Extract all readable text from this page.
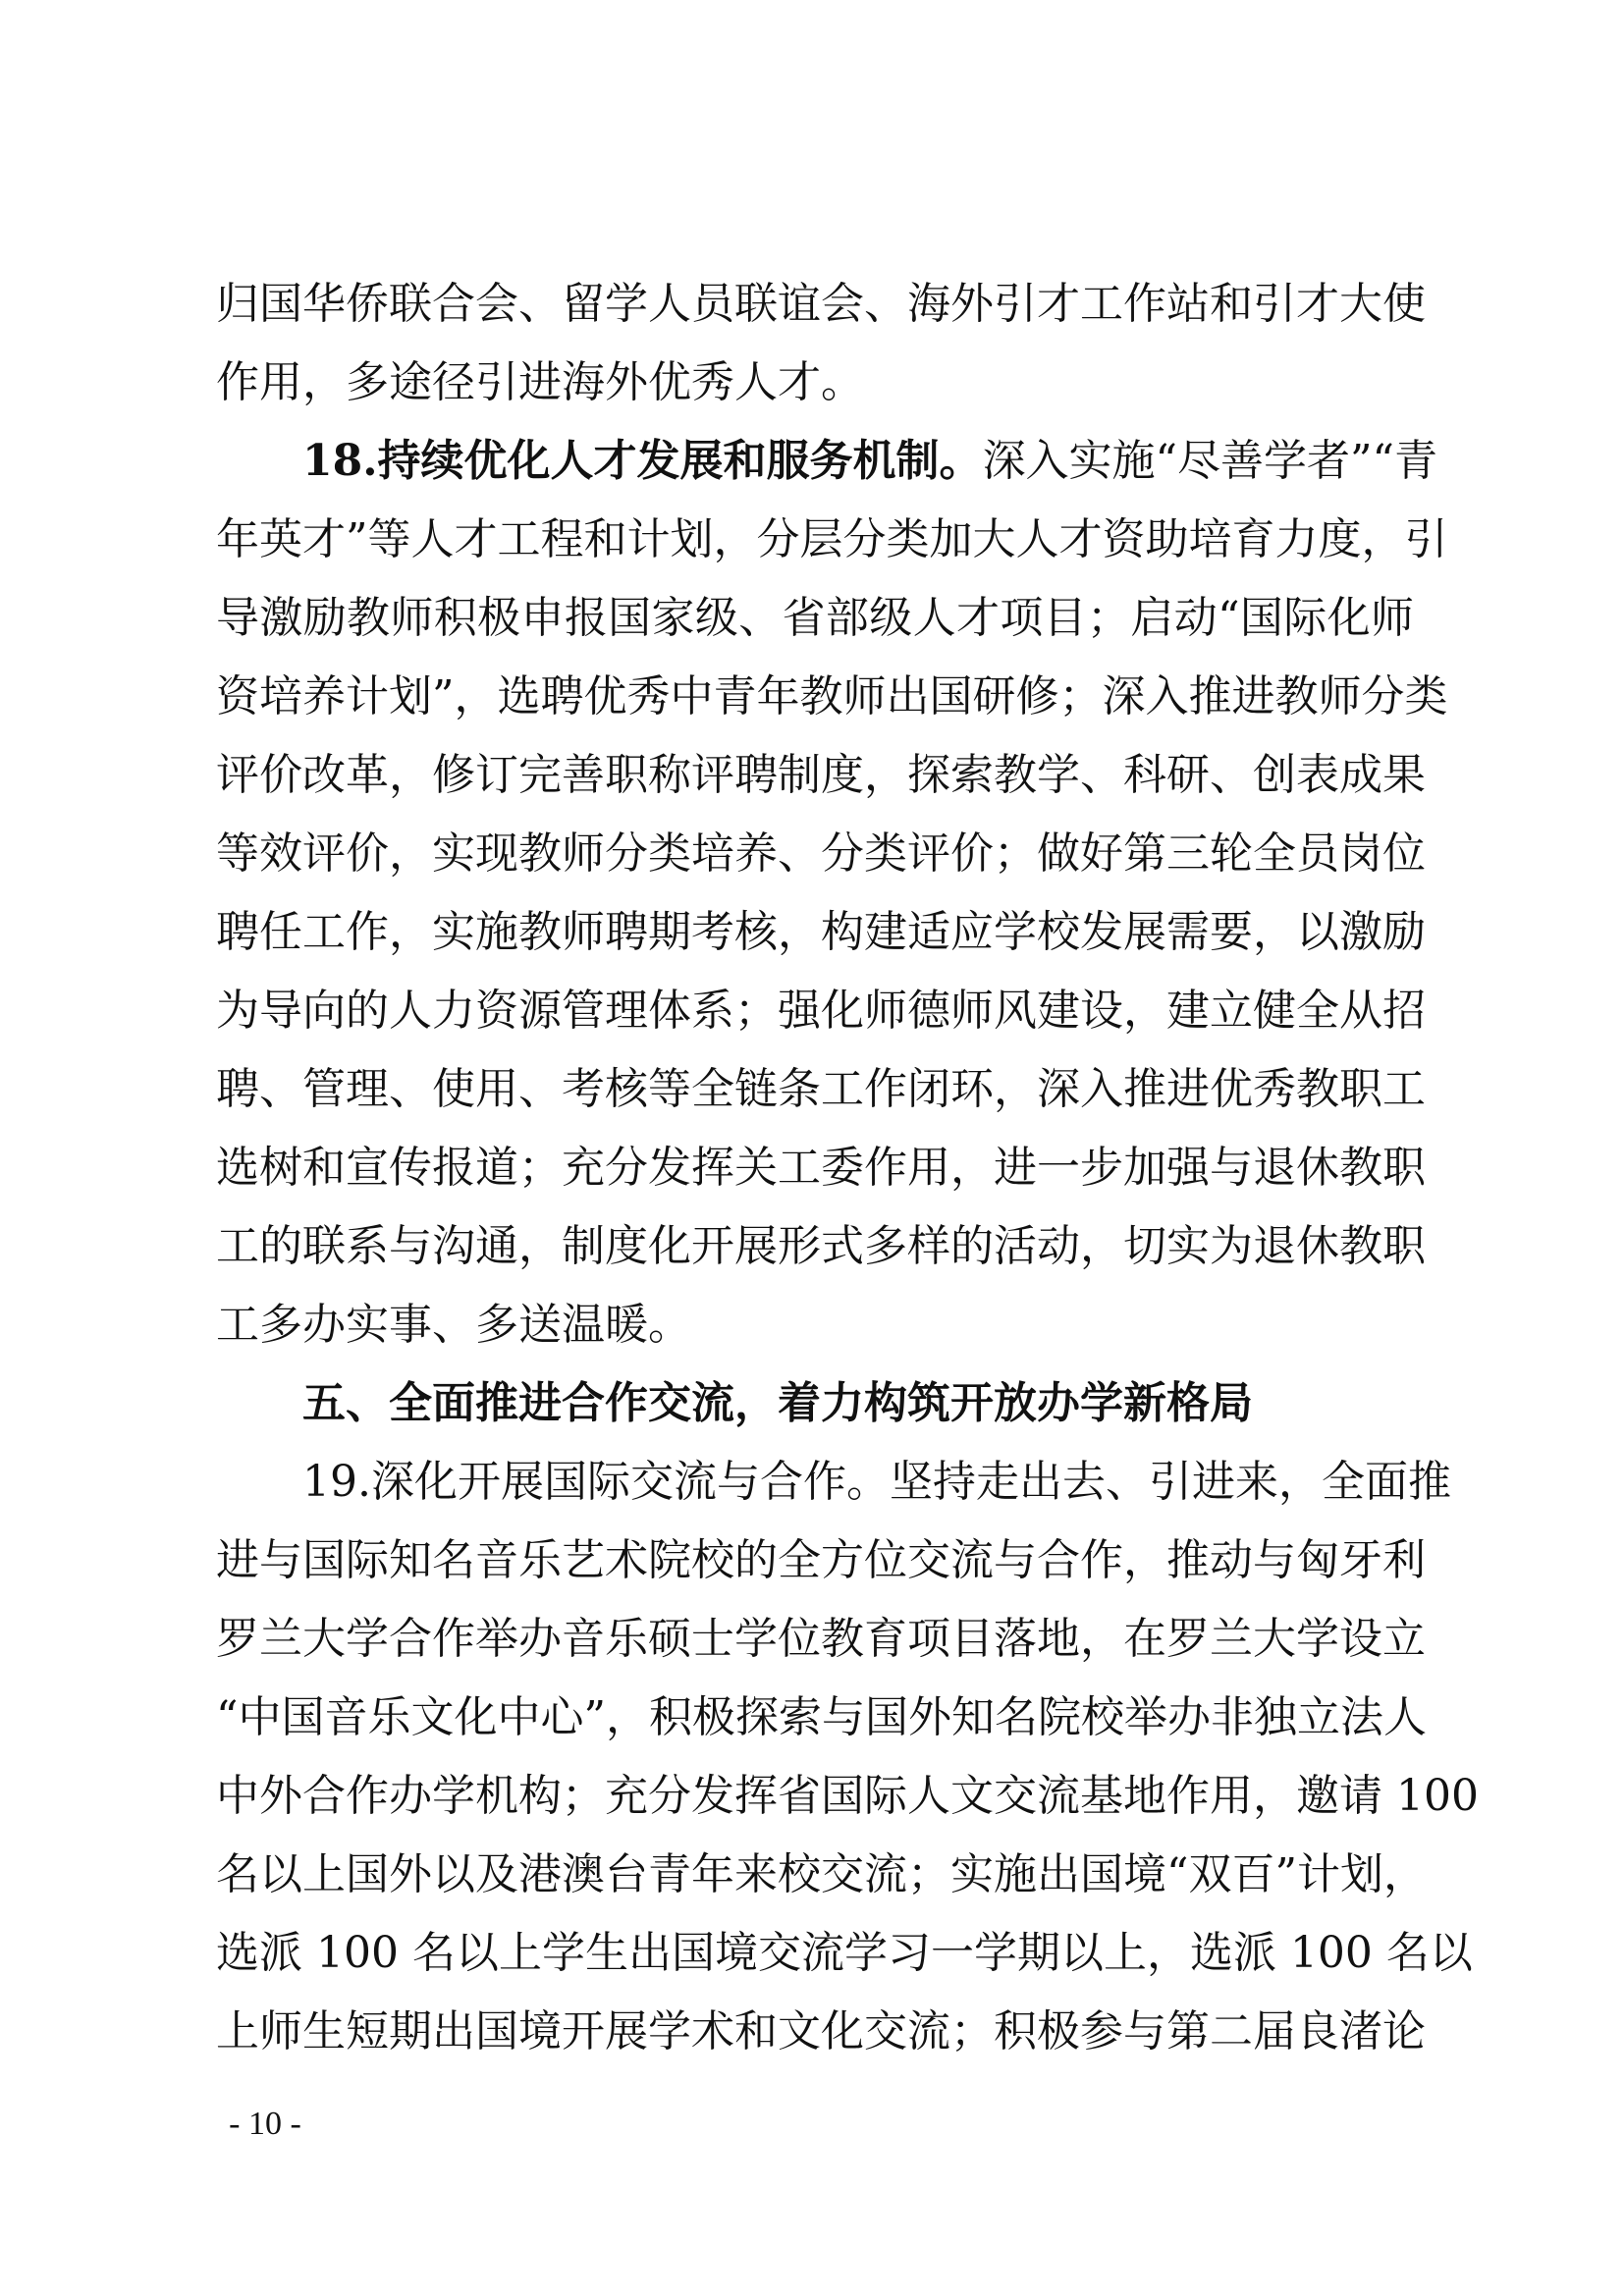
归国华侨联合会、留学人员联谊会、海外引才工作站和引才大使
作用，多途径引进海外优秀人才。
18.持续优化人才发展和服务机制。深入实施“尽善学者”“青
年英才”等人才工程和计划，分层分类加大人才资助培育力度，引
导激励教师积极申报国家级、省部级人才项目；启动“国际化师
资培养计划”，选聘优秀中青年教师出国研修；深入推进教师分类
评价改革，修订完善职称评聘制度，探索教学、科研、创表成果
等效评价，实现教师分类培养、分类评价；做好第三轮全员岗位
聘任工作，实施教师聘期考核，构建适应学校发展需要，以激励
为导向的人力资源管理体系；强化师德师风建设，建立健全从招
聘、管理、使用、考核等全链条工作闭环，深入推进优秀教职工
选树和宣传报道；充分发挥关工委作用，进一步加强与退休教职
工的联系与沟通，制度化开展形式多样的活动，切实为退休教职
工多办实事、多送温暖。
五、全面推进合作交流，着力构筑开放办学新格局
19.深化开展国际交流与合作。坚持走出去、引进来，全面推
进与国际知名音乐艺术院校的全方位交流与合作，推动与匈牙利
罗兰大学合作举办音乐硕士学位教育项目落地，在罗兰大学设立
“中国音乐文化中心”，积极探索与国外知名院校举办非独立法人
中外合作办学机构；充分发挥省国际人文交流基地作用，邀请 100
名以上国外以及港澳台青年来校交流；实施出国境“双百”计划，
选派 100 名以上学生出国境交流学习一学期以上，选派 100 名以
上师生短期出国境开展学术和文化交流；积极参与第二届良渚论
- 10 -
